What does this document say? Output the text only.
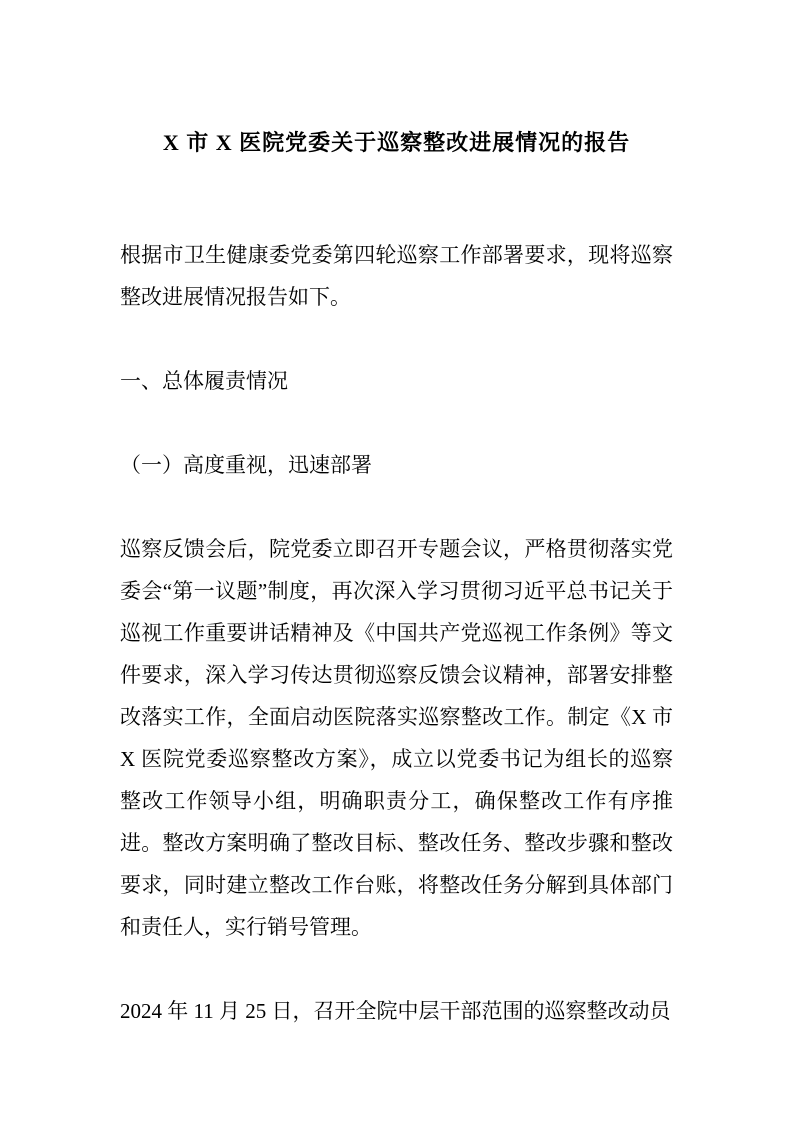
X 市 X 医院党委关于巡察整改进展情况的报告

根据市卫生健康委党委第四轮巡察工作部署要求，现将巡察整改进展情况报告如下。

一、总体履责情况
（一）高度重视，迅速部署

巡察反馈会后，院党委立即召开专题会议，严格贯彻落实党委会“第一议题”制度，再次深入学习贯彻习近平总书记关于巡视工作重要讲话精神及《中国共产党巡视工作条例》等文件要求，深入学习传达贯彻巡察反馈会议精神，部署安排整改落实工作，全面启动医院落实巡察整改工作。制定《X 市 X 医院党委巡察整改方案》，成立以党委书记为组长的巡察整改工作领导小组，明确职责分工，确保整改工作有序推进。整改方案明确了整改目标、整改任务、整改步骤和整改要求，同时建立整改工作台账，将整改任务分解到具体部门和责任人，实行销号管理。

2024 年 11 月 25 日，召开全院中层干部范围的巡察整改动员
